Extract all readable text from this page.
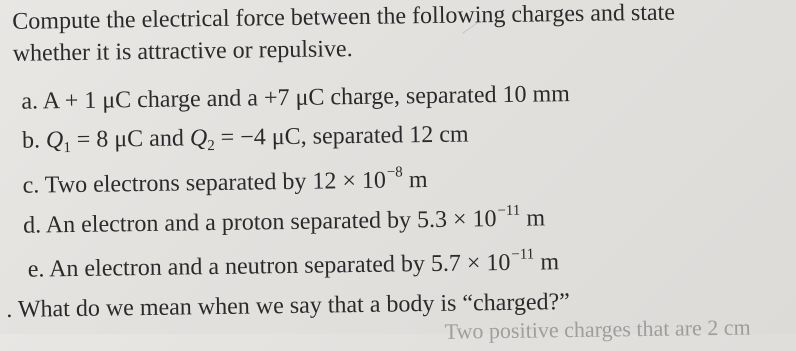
Compute the electrical force between the following charges and state
whether it is attractive or repulsive.
a. A + 1 μC charge and a +7 μC charge, separated 10 mm
b. $Q_1 = 8$ μC and $Q_2 = -4$ μC, separated 12 cm
c. Two electrons separated by $12 \times 10^{-8}$ m
d. An electron and a proton separated by $5.3 \times 10^{-11}$ m
e. An electron and a neutron separated by $5.7 \times 10^{-11}$ m
. What do we mean when we say that a body is “charged?”
Two positive charges that are 2 cm
